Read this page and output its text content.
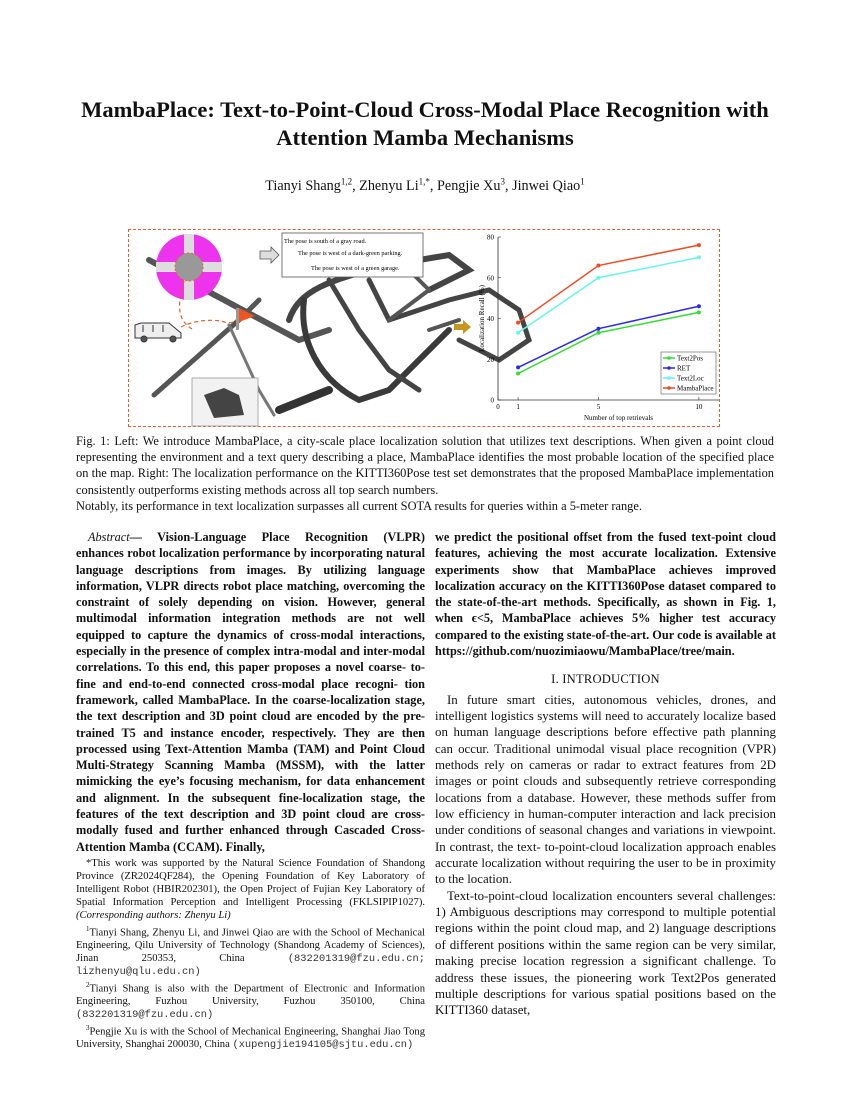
MambaPlace: Text-to-Point-Cloud Cross-Modal Place Recognition with
Attention Mamba Mechanisms
Tianyi Shang$^{1,2}$, Zhenyu $Li^{1,*}$, Pengjie Xu$^3$, Jinwei Qiao$^1$
The pose is south of a gray road.
The pose is west of a dark-green parking.
The pose is west of a green garage.
0 1	5	10
0
20
40
60
80
Number of top retrievals
Localization Recall (%)
Text2Pos
RET
Text2Loc
MambaPlace
Fig. 1: Left: We introduce MambaPlace, a city-scale place localization solution that utilizes text descriptions. When given a point cloud representing the environment and a text query describing a place, MambaPlace identifies the most probable location of the specified place on the map. Right: The localization performance on the KITTI360Pose test set demonstrates that the proposed MambaPlace implementation consistently outperforms existing methods across all top search numbers.
Notably, its performance in text localization surpasses all current SOTA results for queries within a 5-meter range.

Abstract— Vision-Language Place Recognition (VLPR) enhances robot localization performance by incorporating natural language descriptions from images. By utilizing language information, VLPR directs robot place matching, overcoming the constraint of solely depending on vision. However, general multimodal information integration methods are not well equipped to capture the dynamics of cross-modal interactions, especially in the presence of complex intra-modal and inter-modal correlations. To this end, this paper proposes a novel coarse- to-fine and end-to-end connected cross-modal place recogni- tion framework, called MambaPlace. In the coarse-localization stage, the text description and 3D point cloud are encoded by the pre-trained T5 and instance encoder, respectively. They are then processed using Text-Attention Mamba (TAM) and Point Cloud Multi-Strategy Scanning Mamba (MSSM), with the latter mimicking the eye’s focusing mechanism, for data enhancement and alignment. In the subsequent fine-localization stage, the features of the text description and 3D point cloud are cross-modally fused and further enhanced through Cascaded Cross-Attention Mamba (CCAM). Finally,

*This work was supported by the Natural Science Foundation of Shandong Province (ZR2024QF284), the Opening Foundation of Key Laboratory of Intelligent Robot (HBIR202301), the Open Project of Fujian Key Laboratory of Spatial Information Perception and Intelligent Processing (FKLSIPIP1027). (Corresponding authors: Zhenyu Li)

$^1$Tianyi Shang, Zhenyu Li, and Jinwei Qiao are with the School of Mechanical Engineering, Qilu University of Technology (Shandong Academy of Sciences), Jinan 250353, China (832201319@fzu.edu.cn; lizhenyu@qlu.edu.cn)

$^2$Tianyi Shang is also with the Department of Electronic and Information Engineering, Fuzhou University, Fuzhou 350100, China (832201319@fzu.edu.cn)

$^3$Pengjie Xu is with the School of Mechanical Engineering, Shanghai Jiao Tong University, Shanghai 200030, China (xupengjie194105@sjtu.edu.cn)

we predict the positional offset from the fused text-point cloud features, achieving the most accurate localization. Extensive experiments show that MambaPlace achieves improved localization accuracy on the KITTI360Pose dataset compared to the state-of-the-art methods. Specifically, as shown in Fig. 1, when ϵ<5, MambaPlace achieves 5% higher test accuracy compared to the existing state-of-the-art. Our code is available at https://github.com/nuozimiaowu/MambaPlace/tree/main.

I. INTRODUCTION

In future smart cities, autonomous vehicles, drones, and intelligent logistics systems will need to accurately localize based on human language descriptions before effective path planning can occur. Traditional unimodal visual place recognition (VPR) methods rely on cameras or radar to extract features from 2D images or point clouds and subsequently retrieve corresponding locations from a database. However, these methods suffer from low efficiency in human-computer interaction and lack precision under conditions of seasonal changes and variations in viewpoint. In contrast, the text- to-point-cloud localization approach enables accurate localization without requiring the user to be in proximity to the location.

Text-to-point-cloud localization encounters several challenges: 1) Ambiguous descriptions may correspond to multiple potential regions within the point cloud map, and 2) language descriptions of different positions within the same region can be very similar, making precise location regression a significant challenge. To address these issues, the pioneering work Text2Pos generated multiple descriptions for various spatial positions based on the KITTI360 dataset,
